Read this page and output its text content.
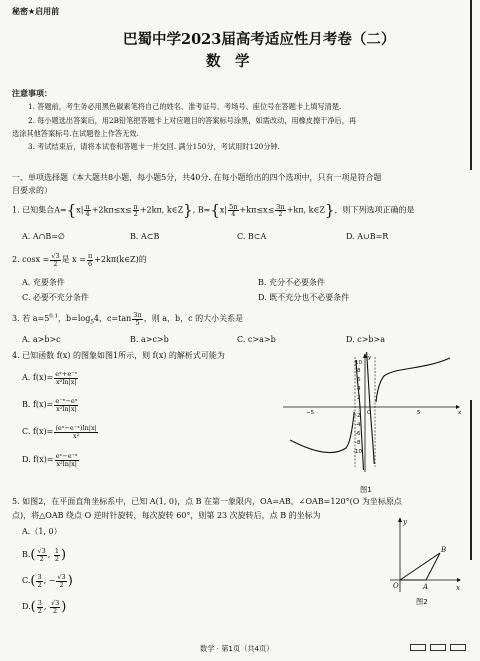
秘密★启用前
巴蜀中学2023届高考适应性月考卷（二）
数　学
注意事项：
1. 答题前，考生务必用黑色碳素笔将自己的姓名、准考证号、考场号、座位号在答题卡上填写清楚.
2. 每小题选出答案后，用2B铅笔把答题卡上对应题目的答案标号涂黑，如需改动，用橡皮擦干净后，再
选涂其他答案标号.在试题卷上作答无效.
3. 考试结束后，请将本试卷和答题卡一并交回. 满分150分，考试用时120分钟.
一、单项选择题（本大题共8小题，每小题5分，共40分. 在每小题给出的四个选项中，只有一项是符合题
目要求的）
1. 已知集合$A=\{x| \frac{\pi}{4} +2k\pi\le x\le \frac{\pi}{2} +2k\pi$, k∈Z}, $B=\{x| \frac{5\pi}{4} +k\pi\le x\le \frac{3\pi}{2} +k\pi$, k∈Z}，则下列选项正确的是
A. A∩B=∅	B. A⊂B	C. B⊂A	D. A∪B=R
2. $\cos x = \frac{√3}{2}$ 是 $x = \frac{\pi}{6}$ +2kπ(k∈Z)的
A. 充要条件	B. 充分不必要条件
C. 必要不充分条件	D. 既不充分也不必要条件
3. 若 $a=5^{0.1}$，$b=\log_54$，$c=\tan \frac{3\pi}{5}$ ，则 a，b，c 的大小关系是
A. a>b>c	B. a>c>b	C. c>a>b	D. c>b>a
4. 已知函数 f(x) 的图象如图1所示，则 f(x) 的解析式可能为
A. $f(x)= \frac{\text{eˣ+e⁻ˣ}}{\text{x²ln|x|}}$
B. $f(x)= \frac{\text{e⁻ˣ−eˣ}}{\text{x²ln|x|}}$
C. $f(x)= \frac{\text{(eˣ−e⁻ˣ)ln|x|}}{\text{x²}}$
D. $f(x)= \frac{\text{eˣ−e⁻ˣ}}{\text{x²ln|x|}}$
10
8
6
4
2
-2
-4
-6
-8
-10
−5	5	x
y
O
图1
5. 如图2，在平面直角坐标系中，已知 A(1, 0)，点 B 在第一象限内，OA=AB，∠OAB=120°(O 为坐标原点
点)，将△OAB 绕点 O 逆时针旋转，每次旋转 60°，则第 23 次旋转后，点 B 的坐标为
A.（1, 0）
$B.( \frac{√3}{2}$ , $\frac{1}{2}$ )
$C.( \frac{3}{2}$ , − $\frac{√3}{2}$ )
$D.( \frac{3}{2}$ , $\frac{√3}{2}$ )
y
x
O	A
B
图2
数学 · 第1页（共4页）
